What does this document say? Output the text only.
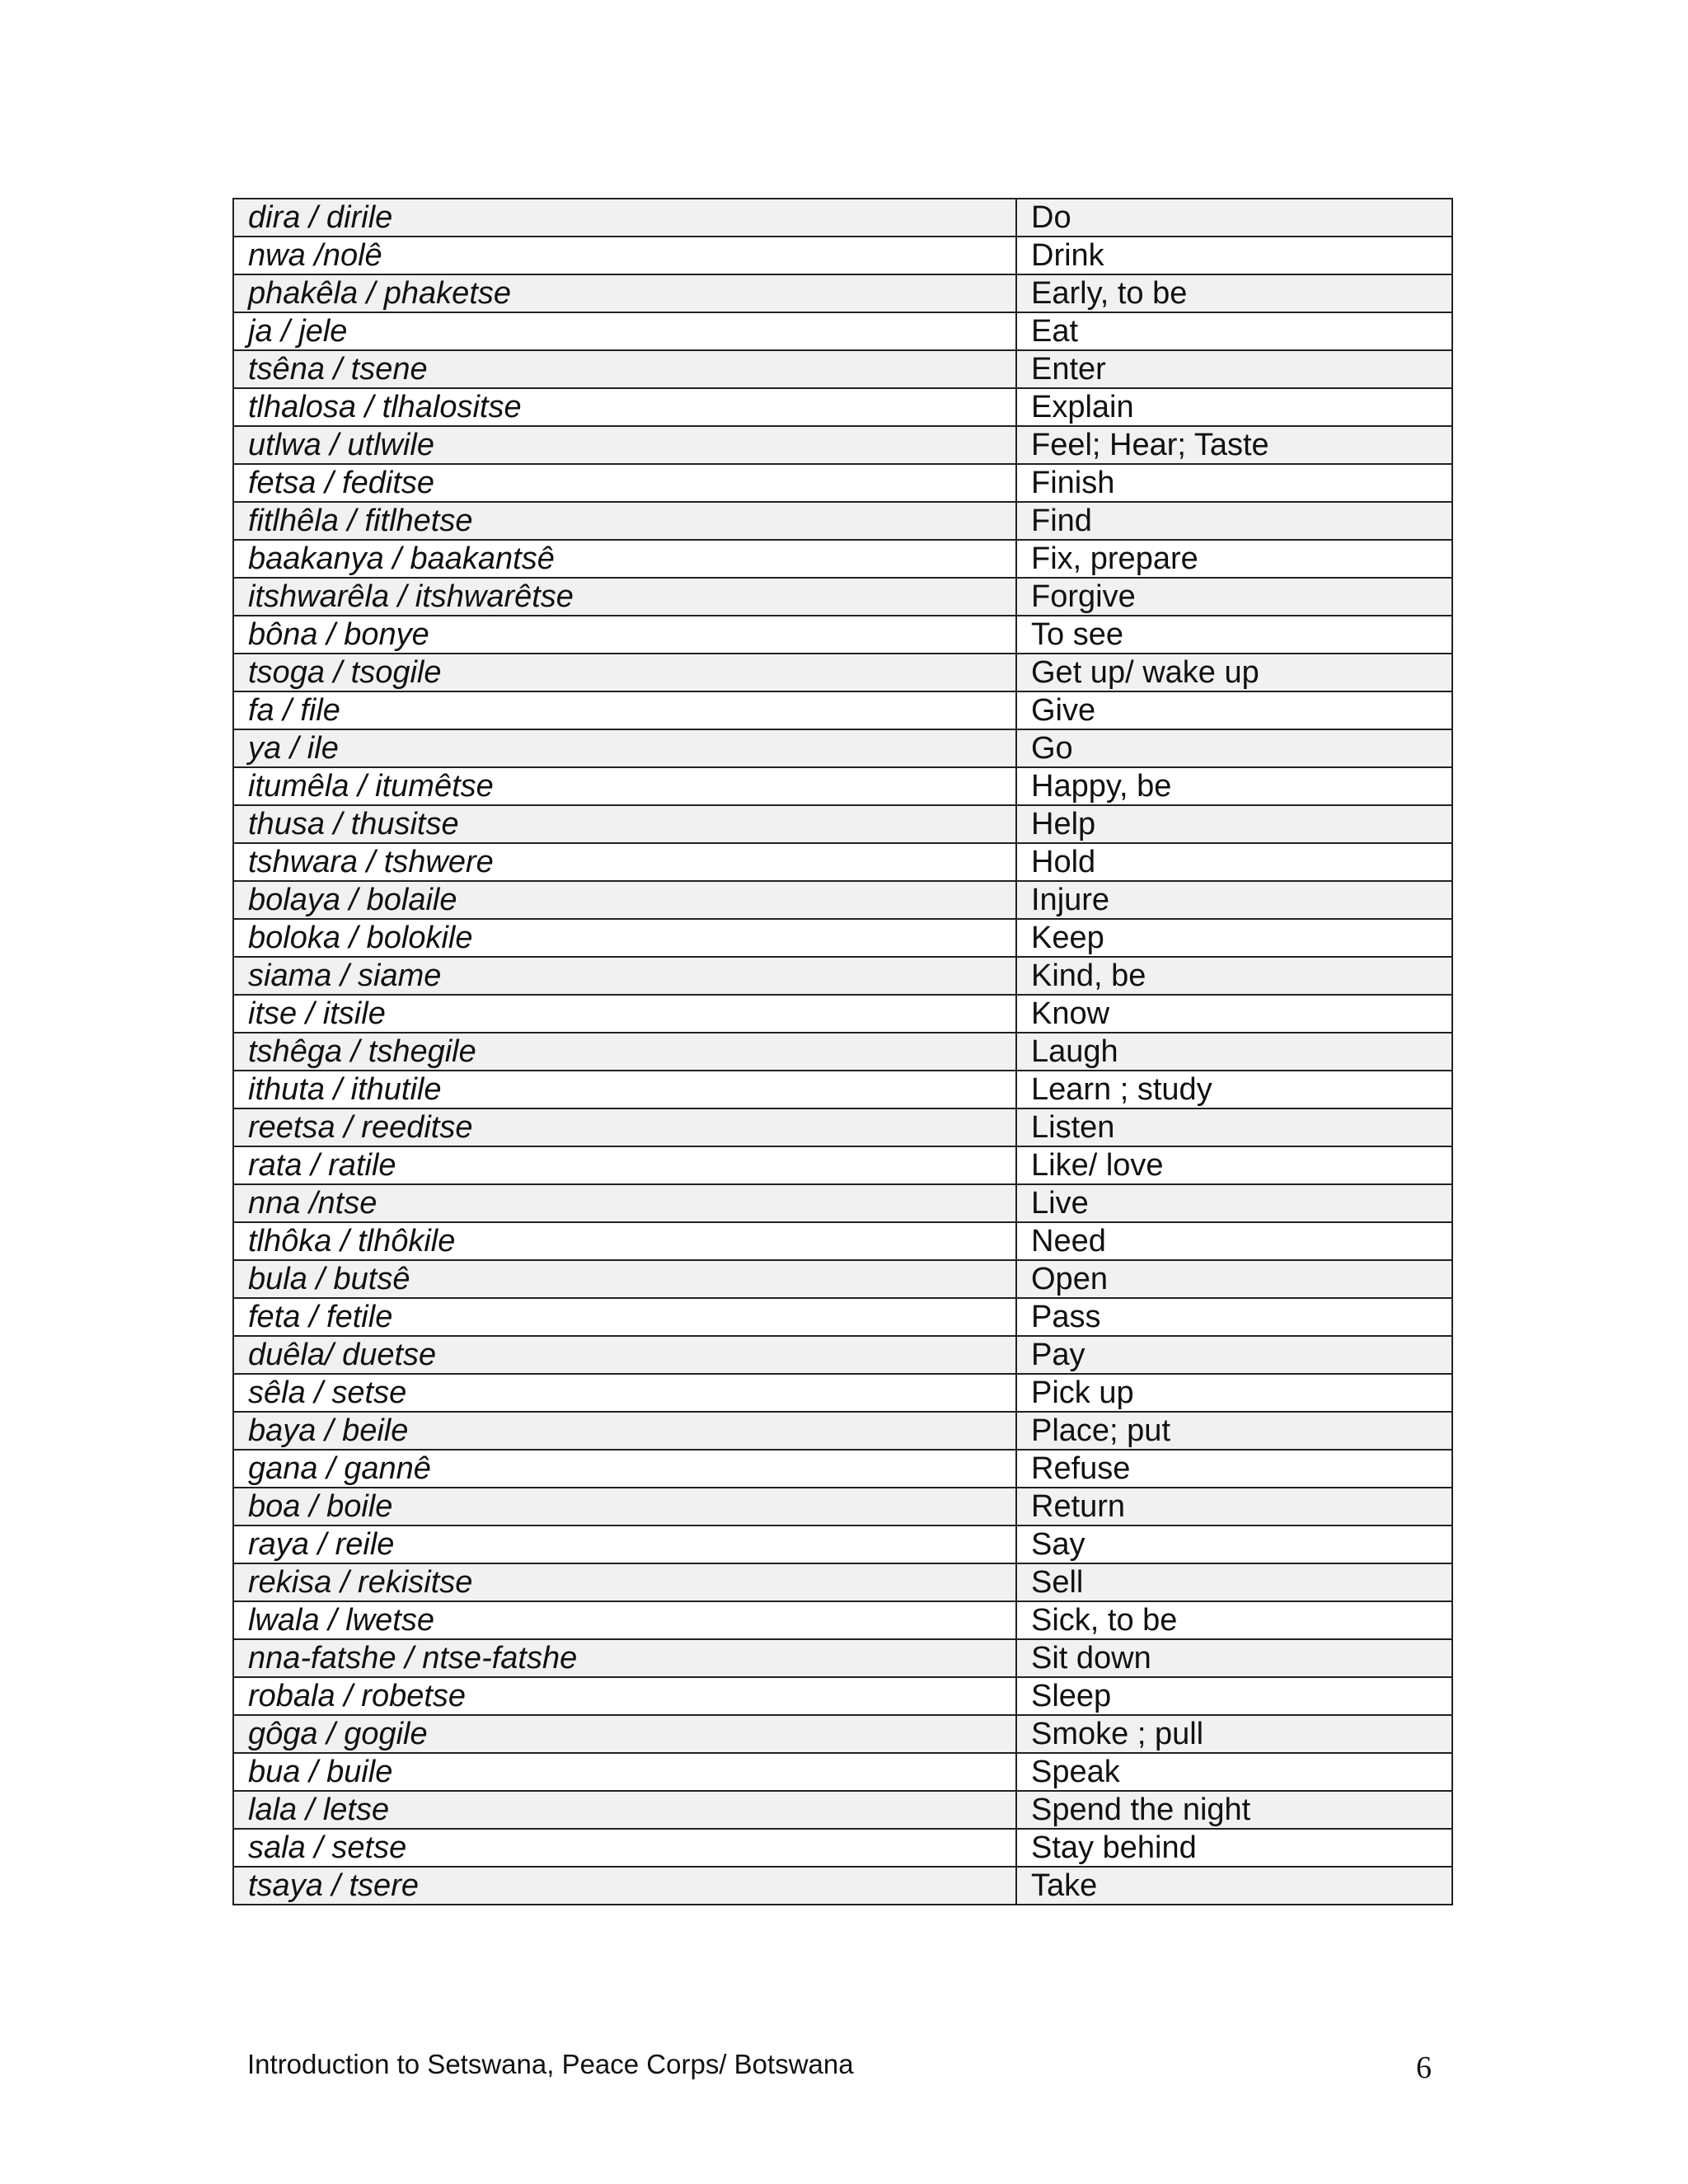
dira / dirile	Do
nwa /nolê	Drink
phakêla / phaketse	Early, to be
ja / jele	Eat
tsêna / tsene	Enter
tlhalosa / tlhalositse	Explain
utlwa / utlwile	Feel; Hear; Taste
fetsa / feditse	Finish
fitlhêla / fitlhetse	Find
baakanya / baakantsê	Fix, prepare
itshwarêla / itshwarêtse	Forgive
bôna / bonye	To see
tsoga / tsogile	Get up/ wake up
fa / file	Give
ya / ile	Go
itumêla / itumêtse	Happy, be
thusa / thusitse	Help
tshwara / tshwere	Hold
bolaya / bolaile	Injure
boloka / bolokile	Keep
siama / siame	Kind, be
itse / itsile	Know
tshêga / tshegile	Laugh
ithuta / ithutile	Learn ; study
reetsa / reeditse	Listen
rata / ratile	Like/ love
nna /ntse	Live
tlhôka / tlhôkile	Need
bula / butsê	Open
feta / fetile	Pass
duêla/ duetse	Pay
sêla / setse	Pick up
baya / beile	Place; put
gana / gannê	Refuse
boa / boile	Return
raya / reile	Say
rekisa / rekisitse	Sell
lwala / lwetse	Sick, to be
nna-fatshe / ntse-fatshe	Sit down
robala / robetse	Sleep
gôga / gogile	Smoke ; pull
bua / buile	Speak
lala / letse	Spend the night
sala / setse	Stay behind
tsaya / tsere	Take
Introduction to Setswana, Peace Corps/ Botswana	6
